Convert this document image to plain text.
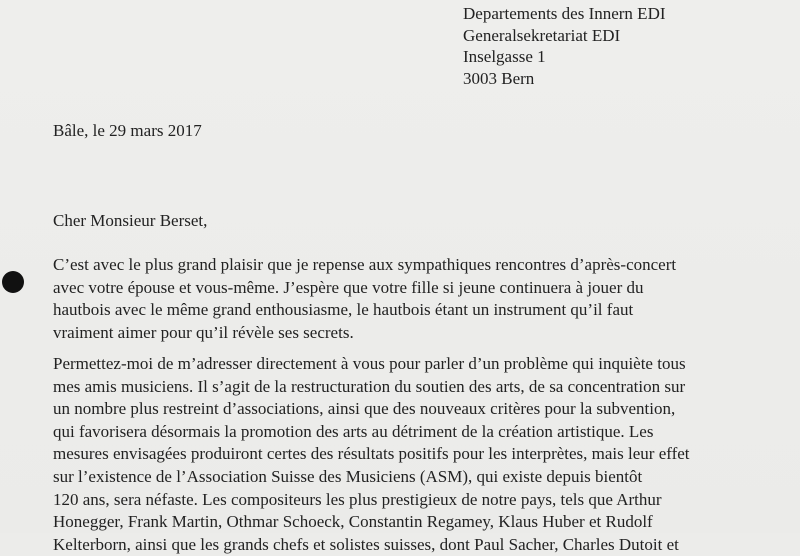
Departements des Innern EDI
Generalsekretariat EDI
Inselgasse 1
3003 Bern
Bâle, le 29 mars 2017
Cher Monsieur Berset,
C’est avec le plus grand plaisir que je repense aux sympathiques rencontres d’après-concert
avec votre épouse et vous-même. J’espère que votre fille si jeune continuera à jouer du
hautbois avec le même grand enthousiasme, le hautbois étant un instrument qu’il faut
vraiment aimer pour qu’il révèle ses secrets.
Permettez-moi de m’adresser directement à vous pour parler d’un problème qui inquiète tous
mes amis musiciens. Il s’agit de la restructuration du soutien des arts, de sa concentration sur
un nombre plus restreint d’associations, ainsi que des nouveaux critères pour la subvention,
qui favorisera désormais la promotion des arts au détriment de la création artistique. Les
mesures envisagées produiront certes des résultats positifs pour les interprètes, mais leur effet
sur l’existence de l’Association Suisse des Musiciens (ASM), qui existe depuis bientôt
120 ans, sera néfaste. Les compositeurs les plus prestigieux de notre pays, tels que Arthur
Honegger, Frank Martin, Othmar Schoeck, Constantin Regamey, Klaus Huber et Rudolf
Kelterborn, ainsi que les grands chefs et solistes suisses, dont Paul Sacher, Charles Dutoit et
